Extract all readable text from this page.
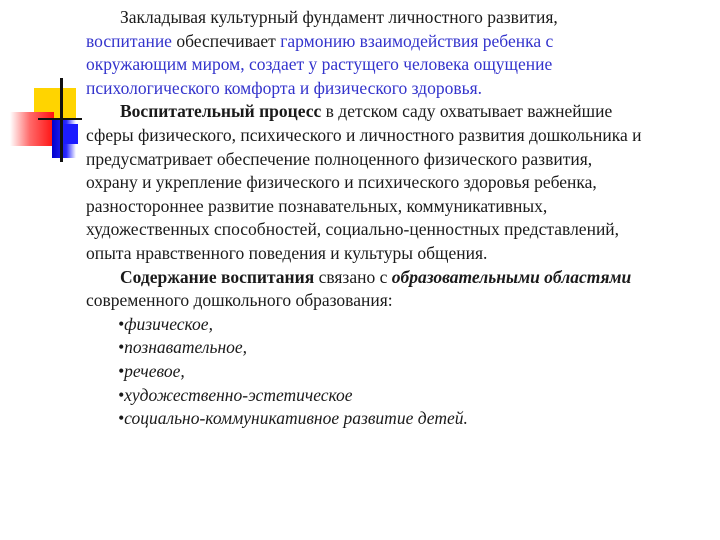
Закладывая культурный фундамент личностного развития, воспитание обеспечивает гармонию взаимодействия ребенка с окружающим миром, создает у растущего человека ощущение психологического комфорта и физического здоровья.

Воспитательный процесс в детском саду охватывает важнейшие сферы физического, психического и личностного развития дошкольника и предусматривает обеспечение полноценного физического развития, охрану и укрепление физического и психического здоровья ребенка, разностороннее развитие познавательных, коммуникативных, художественных способностей, социально-ценностных представлений, опыта нравственного поведения и культуры общения.

Содержание воспитания связано с образовательными областями современного дошкольного образования:

•физическое,

•познавательное,

•речевое,

•художественно-эстетическое

•социально-коммуникативное развитие детей.
